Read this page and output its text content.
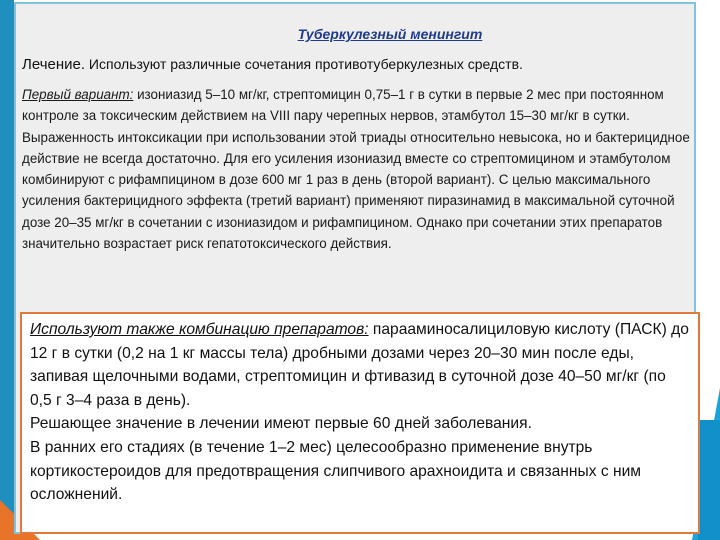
Туберкулезный менингит
Лечение. Используют различные сочетания противотуберкулезных средств.
Первый вариант: изониазид 5–10 мг/кг, стрептомицин 0,75–1 г в сутки в первые 2 мес при постоянном контроле за токсическим действием на VIII пару черепных нервов, этамбутол 15–30 мг/кг в сутки. Выраженность интоксикации при использовании этой триады относительно невысока, но и бактерицидное действие не всегда достаточно. Для его усиления изониазид вместе со стрептомицином и этамбутолом комбинируют с рифампицином в дозе 600 мг 1 раз в день (второй вариант). С целью максимального усиления бактерицидного эффекта (третий вариант) применяют пиразинамид в максимальной суточной дозе 20–35 мг/кг в сочетании с изониазидом и рифампицином. Однако при сочетании этих препаратов значительно возрастает риск гепатотоксического действия.
Используют также комбинацию препаратов: парааминосалициловую кислоту (ПАСК) до 12 г в сутки (0,2 на 1 кг массы тела) дробными дозами через 20–30 мин после еды, запивая щелочными водами, стрептомицин и фтивазид в суточной дозе 40–50 мг/кг (по 0,5 г 3–4 раза в день).
Решающее значение в лечении имеют первые 60 дней заболевания.
В ранних его стадиях (в течение 1–2 мес) целесообразно применение внутрь кортикостероидов для предотвращения слипчивого арахноидита и связанных с ним осложнений.
